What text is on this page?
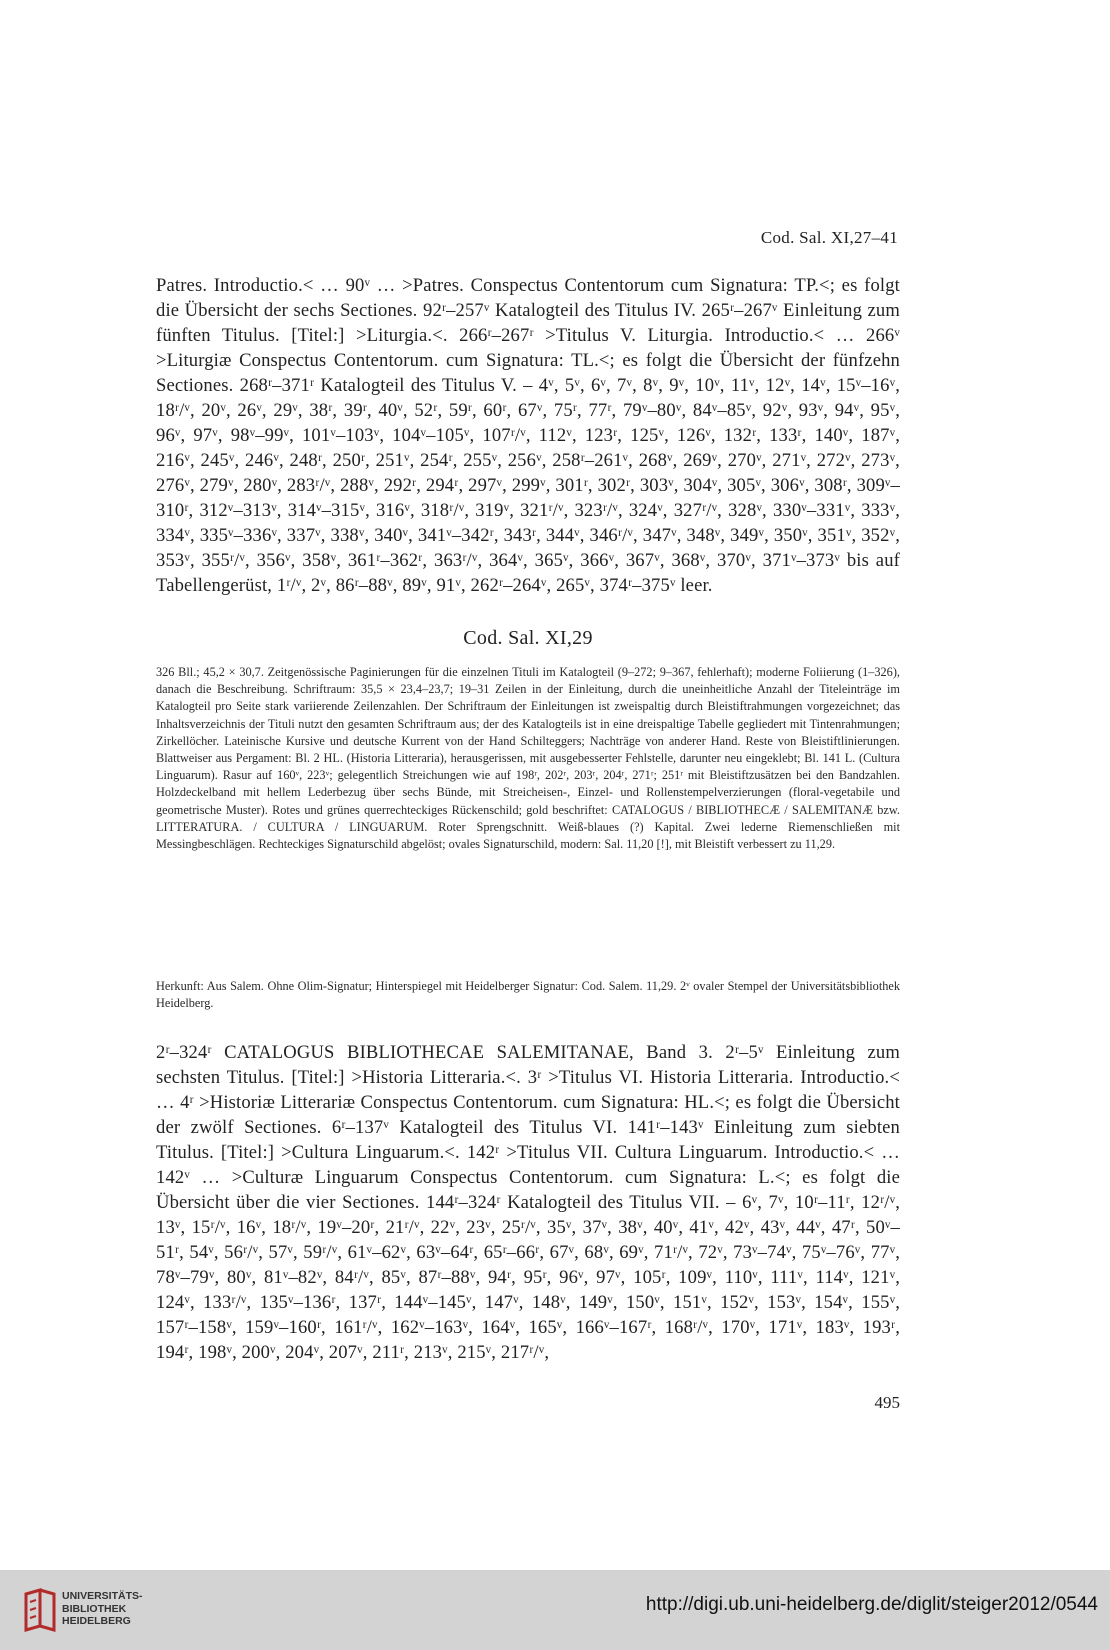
Cod. Sal. XI,27–41

Patres. Introductio.< … 90ᵛ … >Patres. Conspectus Contentorum cum Signatura: TP.<; es folgt die Übersicht der sechs Sectiones. 92ʳ–257ᵛ Katalogteil des Titulus IV. 265ʳ–267ᵛ Einleitung zum fünften Titulus. [Titel:] >Liturgia.<. 266ʳ–267ʳ >Titulus V. Liturgia. Introductio.< … 266ᵛ >Liturgiæ Conspectus Contentorum. cum Signatura: TL.<; es folgt die Übersicht der fünfzehn Sectiones. 268ʳ–371ʳ Katalogteil des Titulus V. – 4ᵛ, 5ᵛ, 6ᵛ, 7ᵛ, 8ᵛ, 9ᵛ, 10ᵛ, 11ᵛ, 12ᵛ, 14ᵛ, 15ᵛ–16ᵛ, 18ʳ/ᵛ, 20ᵛ, 26ᵛ, 29ᵛ, 38ʳ, 39ʳ, 40ᵛ, 52ʳ, 59ʳ, 60ʳ, 67ᵛ, 75ʳ, 77ʳ, 79ᵛ–80ᵛ, 84ᵛ–85ᵛ, 92ᵛ, 93ᵛ, 94ᵛ, 95ᵛ, 96ᵛ, 97ᵛ, 98ᵛ–99ᵛ, 101ᵛ–103ᵛ, 104ᵛ–105ᵛ, 107ʳ/ᵛ, 112ᵛ, 123ʳ, 125ᵛ, 126ᵛ, 132ʳ, 133ʳ, 140ᵛ, 187ᵛ, 216ᵛ, 245ᵛ, 246ᵛ, 248ʳ, 250ʳ, 251ᵛ, 254ʳ, 255ᵛ, 256ᵛ, 258ʳ–261ᵛ, 268ᵛ, 269ᵛ, 270ᵛ, 271ᵛ, 272ᵛ, 273ᵛ, 276ᵛ, 279ᵛ, 280ᵛ, 283ʳ/ᵛ, 288ᵛ, 292ʳ, 294ʳ, 297ᵛ, 299ᵛ, 301ʳ, 302ʳ, 303ᵛ, 304ᵛ, 305ᵛ, 306ᵛ, 308ʳ, 309ᵛ–310ʳ, 312ᵛ–313ᵛ, 314ᵛ–315ᵛ, 316ᵛ, 318ʳ/ᵛ, 319ᵛ, 321ʳ/ᵛ, 323ʳ/ᵛ, 324ᵛ, 327ʳ/ᵛ, 328ᵛ, 330ᵛ–331ᵛ, 333ᵛ, 334ᵛ, 335ᵛ–336ᵛ, 337ᵛ, 338ᵛ, 340ᵛ, 341ᵛ–342ʳ, 343ʳ, 344ᵛ, 346ʳ/ᵛ, 347ᵛ, 348ᵛ, 349ᵛ, 350ᵛ, 351ᵛ, 352ᵛ, 353ᵛ, 355ʳ/ᵛ, 356ᵛ, 358ᵛ, 361ʳ–362ʳ, 363ʳ/ᵛ, 364ᵛ, 365ᵛ, 366ᵛ, 367ᵛ, 368ᵛ, 370ᵛ, 371ᵛ–373ᵛ bis auf Tabellengerüst, 1ʳ/ᵛ, 2ᵛ, 86ʳ–88ᵛ, 89ᵛ, 91ᵛ, 262ʳ–264ᵛ, 265ᵛ, 374ʳ–375ᵛ leer.

Cod. Sal. XI,29

326 Bll.; 45,2 × 30,7. Zeitgenössische Paginierungen für die einzelnen Tituli im Katalogteil (9–272; 9–367, fehlerhaft); moderne Foliierung (1–326), danach die Beschreibung. Schriftraum: 35,5 × 23,4–23,7; 19–31 Zeilen in der Einleitung, durch die uneinheitliche Anzahl der Titeleinträge im Katalogteil pro Seite stark variierende Zeilenzahlen. Der Schriftraum der Einleitungen ist zweispaltig durch Bleistiftrahmungen vorgezeichnet; das Inhaltsverzeichnis der Tituli nutzt den gesamten Schriftraum aus; der des Katalogteils ist in eine dreispaltige Tabelle gegliedert mit Tintenrahmungen; Zirkellöcher. Lateinische Kursive und deutsche Kurrent von der Hand Schilteggers; Nachträge von anderer Hand. Reste von Bleistiftlinierungen. Blattweiser aus Pergament: Bl. 2 HL. (Historia Litteraria), herausgerissen, mit ausgebesserter Fehlstelle, darunter neu eingeklebt; Bl. 141 L. (Cultura Linguarum). Rasur auf 160ᵛ, 223ᵛ; gelegentlich Streichungen wie auf 198ʳ, 202ʳ, 203ʳ, 204ʳ, 271ʳ; 251ʳ mit Bleistiftzusätzen bei den Bandzahlen. Holzdeckelband mit hellem Lederbezug über sechs Bünde, mit Streicheisen-, Einzel- und Rollenstempelverzierungen (floral-vegetabile und geometrische Muster). Rotes und grünes querrechteckiges Rückenschild; gold beschriftet: CATALOGUS / BIBLIOTHECÆ / SALEMITANÆ bzw. LITTERATURA. / CULTURA / LINGUARUM. Roter Sprengschnitt. Weiß-blaues (?) Kapital. Zwei lederne Riemenschließen mit Messingbeschlägen. Rechteckiges Signaturschild abgelöst; ovales Signaturschild, modern: Sal. 11,20 [!], mit Bleistift verbessert zu 11,29.

Herkunft: Aus Salem. Ohne Olim-Signatur; Hinterspiegel mit Heidelberger Signatur: Cod. Salem. 11,29. 2ᵛ ovaler Stempel der Universitätsbibliothek Heidelberg.

2ʳ–324ʳ CATALOGUS BIBLIOTHECAE SALEMITANAE, Band 3. 2ʳ–5ᵛ Einleitung zum sechsten Titulus. [Titel:] >Historia Litteraria.<. 3ʳ >Titulus VI. Historia Litteraria. Introductio.< … 4ʳ >Historiæ Litterariæ Conspectus Contentorum. cum Signatura: HL.<; es folgt die Übersicht der zwölf Sectiones. 6ʳ–137ᵛ Katalogteil des Titulus VI. 141ʳ–143ᵛ Einleitung zum siebten Titulus. [Titel:] >Cultura Linguarum.<. 142ʳ >Titulus VII. Cultura Linguarum. Introductio.< … 142ᵛ … >Culturæ Linguarum Conspectus Contentorum. cum Signatura: L.<; es folgt die Übersicht über die vier Sectiones. 144ʳ–324ʳ Katalogteil des Titulus VII. – 6ᵛ, 7ᵛ, 10ʳ–11ʳ, 12ʳ/ᵛ, 13ᵛ, 15ʳ/ᵛ, 16ᵛ, 18ʳ/ᵛ, 19ᵛ–20ʳ, 21ʳ/ᵛ, 22ᵛ, 23ᵛ, 25ʳ/ᵛ, 35ᵛ, 37ᵛ, 38ᵛ, 40ᵛ, 41ᵛ, 42ᵛ, 43ᵛ, 44ᵛ, 47ʳ, 50ᵛ–51ʳ, 54ᵛ, 56ʳ/ᵛ, 57ᵛ, 59ʳ/ᵛ, 61ᵛ–62ᵛ, 63ᵛ–64ʳ, 65ʳ–66ʳ, 67ᵛ, 68ᵛ, 69ᵛ, 71ʳ/ᵛ, 72ᵛ, 73ᵛ–74ᵛ, 75ᵛ–76ᵛ, 77ᵛ, 78ᵛ–79ᵛ, 80ᵛ, 81ᵛ–82ᵛ, 84ʳ/ᵛ, 85ᵛ, 87ʳ–88ᵛ, 94ʳ, 95ʳ, 96ᵛ, 97ᵛ, 105ʳ, 109ᵛ, 110ᵛ, 111ᵛ, 114ᵛ, 121ᵛ, 124ᵛ, 133ʳ/ᵛ, 135ᵛ–136ʳ, 137ʳ, 144ᵛ–145ᵛ, 147ᵛ, 148ᵛ, 149ᵛ, 150ᵛ, 151ᵛ, 152ᵛ, 153ᵛ, 154ᵛ, 155ᵛ, 157ʳ–158ᵛ, 159ᵛ–160ʳ, 161ʳ/ᵛ, 162ᵛ–163ᵛ, 164ᵛ, 165ᵛ, 166ᵛ–167ʳ, 168ʳ/ᵛ, 170ᵛ, 171ᵛ, 183ᵛ, 193ʳ, 194ʳ, 198ᵛ, 200ᵛ, 204ᵛ, 207ᵛ, 211ʳ, 213ᵛ, 215ᵛ, 217ʳ/ᵛ,

495
UNIVERSITÄTS-
BIBLIOTHEK
HEIDELBERG
http://digi.ub.uni-heidelberg.de/diglit/steiger2012/0544
